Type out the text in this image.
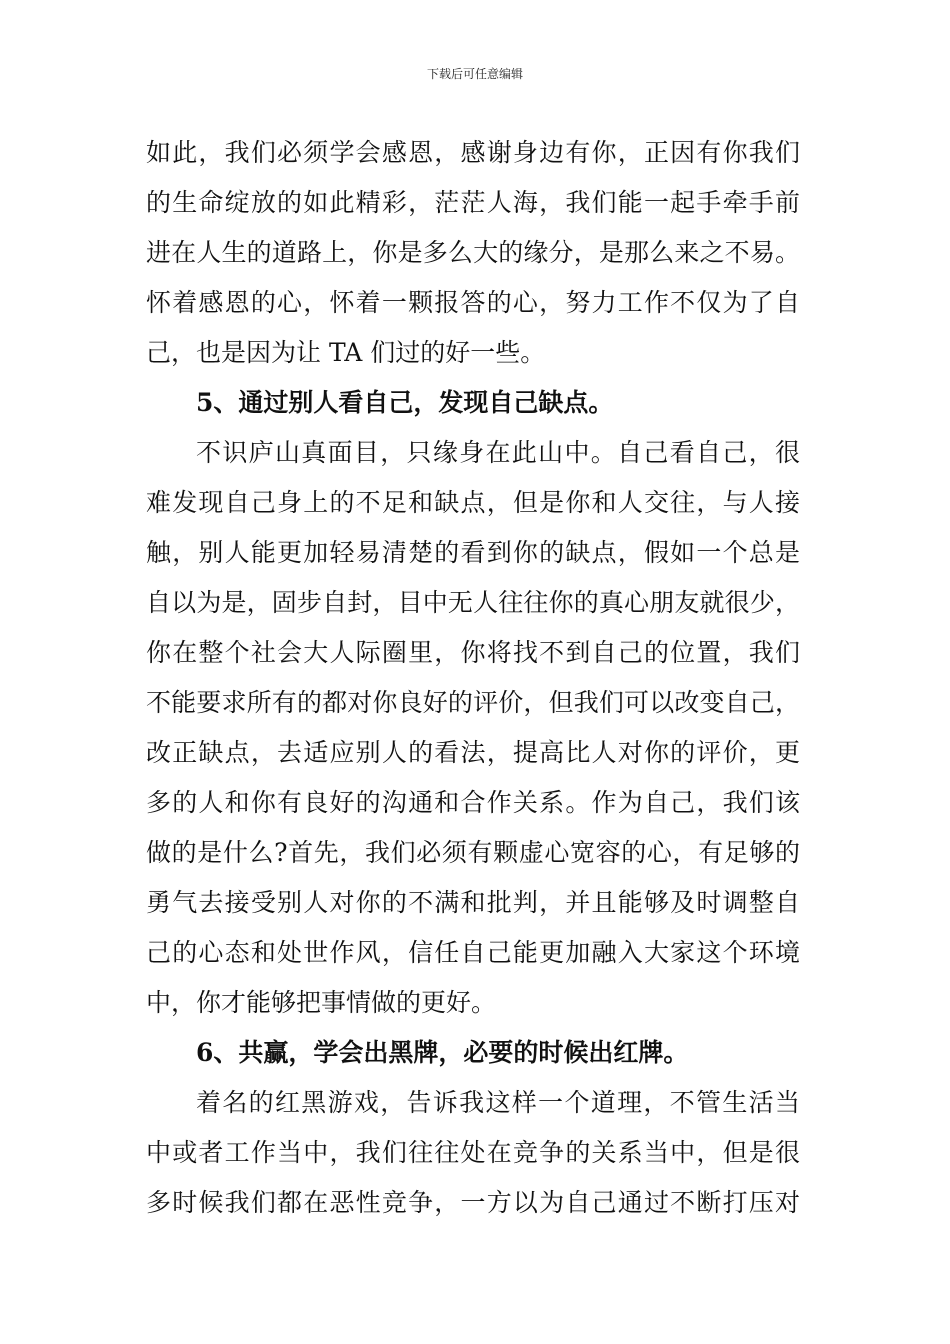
下载后可任意编辑
如此，我们必须学会感恩，感谢身边有你，正因有你我们
的生命绽放的如此精彩，茫茫人海，我们能一起手牵手前
进在人生的道路上，你是多么大的缘分，是那么来之不易。
怀着感恩的心，怀着一颗报答的心，努力工作不仅为了自
己，也是因为让 TA 们过的好一些。
5、通过别人看自己，发现自己缺点。
不识庐山真面目，只缘身在此山中。自己看自己，很
难发现自己身上的不足和缺点，但是你和人交往，与人接
触，别人能更加轻易清楚的看到你的缺点，假如一个总是
自以为是，固步自封，目中无人往往你的真心朋友就很少，
你在整个社会大人际圈里，你将找不到自己的位置，我们
不能要求所有的都对你良好的评价，但我们可以改变自己，
改正缺点，去适应别人的看法，提高比人对你的评价，更
多的人和你有良好的沟通和合作关系。作为自己，我们该
做的是什么?首先，我们必须有颗虚心宽容的心，有足够的
勇气去接受别人对你的不满和批判，并且能够及时调整自
己的心态和处世作风，信任自己能更加融入大家这个环境
中，你才能够把事情做的更好。
6、共赢，学会出黑牌，必要的时候出红牌。
着名的红黑游戏，告诉我这样一个道理，不管生活当
中或者工作当中，我们往往处在竞争的关系当中，但是很
多时候我们都在恶性竞争，一方以为自己通过不断打压对
